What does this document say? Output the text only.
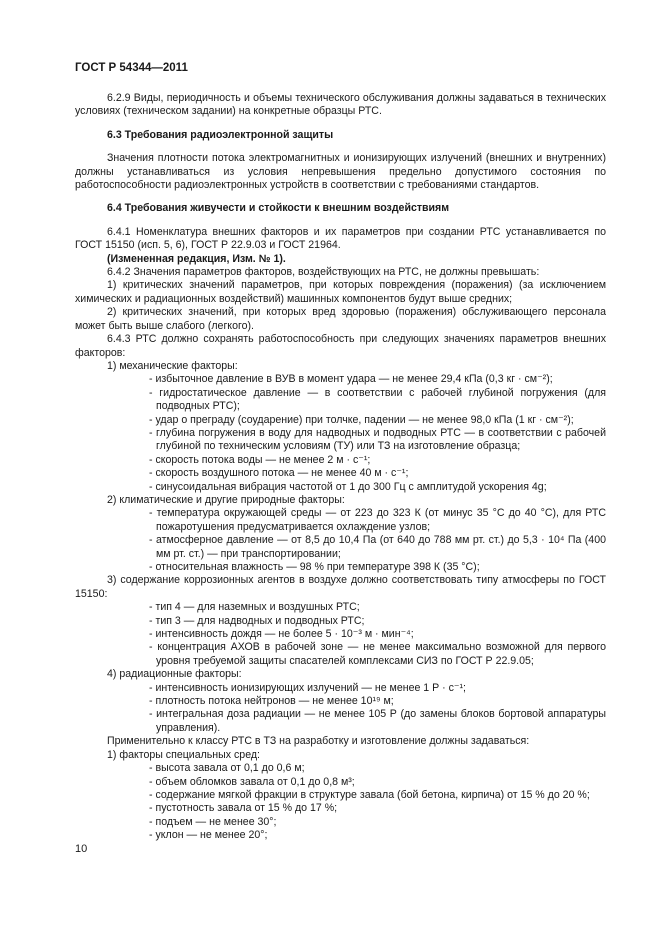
ГОСТ Р 54344—2011

6.2.9 Виды, периодичность и объемы технического обслуживания должны задаваться в технических условиях (техническом задании) на конкретные образцы РТС.

6.3 Требования радиоэлектронной защиты

Значения плотности потока электромагнитных и ионизирующих излучений (внешних и внутренних) должны устанавливаться из условия непревышения предельно допустимого состояния по работоспособности радиоэлектронных устройств в соответствии с требованиями стандартов.

6.4 Требования живучести и стойкости к внешним воздействиям

6.4.1 Номенклатура внешних факторов и их параметров при создании РТС устанавливается по ГОСТ 15150 (исп. 5, 6), ГОСТ Р 22.9.03 и ГОСТ 21964.

(Измененная редакция, Изм. № 1).

6.4.2 Значения параметров факторов, воздействующих на РТС, не должны превышать:

1) критических значений параметров, при которых повреждения (поражения) (за исключением химических и радиационных воздействий) машинных компонентов будут выше средних;

2) критических значений, при которых вред здоровью (поражения) обслуживающего персонала может быть выше слабого (легкого).

6.4.3 РТС должно сохранять работоспособность при следующих значениях параметров внешних факторов:

1) механические факторы:

- избыточное давление в ВУВ в момент удара — не менее 29,4 кПа (0,3 кг · см⁻²);

- гидростатическое давление — в соответствии с рабочей глубиной погружения (для подводных РТС);

- удар о преграду (соударение) при толчке, падении — не менее 98,0 кПа (1 кг · см⁻²);

- глубина погружения в воду для надводных и подводных РТС — в соответствии с рабочей глубиной по техническим условиям (ТУ) или ТЗ на изготовление образца;

- скорость потока воды — не менее 2 м · с⁻¹;

- скорость воздушного потока — не менее 40 м · с⁻¹;

- синусоидальная вибрация частотой от 1 до 300 Гц с амплитудой ускорения 4g;

2) климатические и другие природные факторы:

- температура окружающей среды — от 223 до 323 К (от минус 35 °С до 40 °С), для РТС пожаротушения предусматривается охлаждение узлов;

- атмосферное давление — от 8,5 до 10,4 Па (от 640 до 788 мм рт. ст.) до 5,3 · 10⁴ Па (400 мм рт. ст.) — при транспортировании;

- относительная влажность — 98 % при температуре 398 К (35 °С);

3) содержание коррозионных агентов в воздухе должно соответствовать типу атмосферы по ГОСТ 15150:

- тип 4 — для наземных и воздушных РТС;

- тип 3 — для надводных и подводных РТС;

- интенсивность дождя — не более 5 · 10⁻³ м · мин⁻⁴;

- концентрация АХОВ в рабочей зоне — не менее максимально возможной для первого уровня требуемой защиты спасателей комплексами СИЗ по ГОСТ Р 22.9.05;

4) радиационные факторы:

- интенсивность ионизирующих излучений — не менее 1 Р · с⁻¹;

- плотность потока нейтронов — не менее 10¹⁹ м;

- интегральная доза радиации — не менее 105 Р (до замены блоков бортовой аппаратуры управления).

Применительно к классу РТС в ТЗ на разработку и изготовление должны задаваться:

1) факторы специальных сред:

- высота завала от 0,1 до 0,6 м;

- объем обломков завала от 0,1 до 0,8 м³;

- содержание мягкой фракции в структуре завала (бой бетона, кирпича) от 15 % до 20 %;

- пустотность завала от 15 % до 17 %;

- подъем — не менее 30°;

- уклон — не менее 20°;

10
